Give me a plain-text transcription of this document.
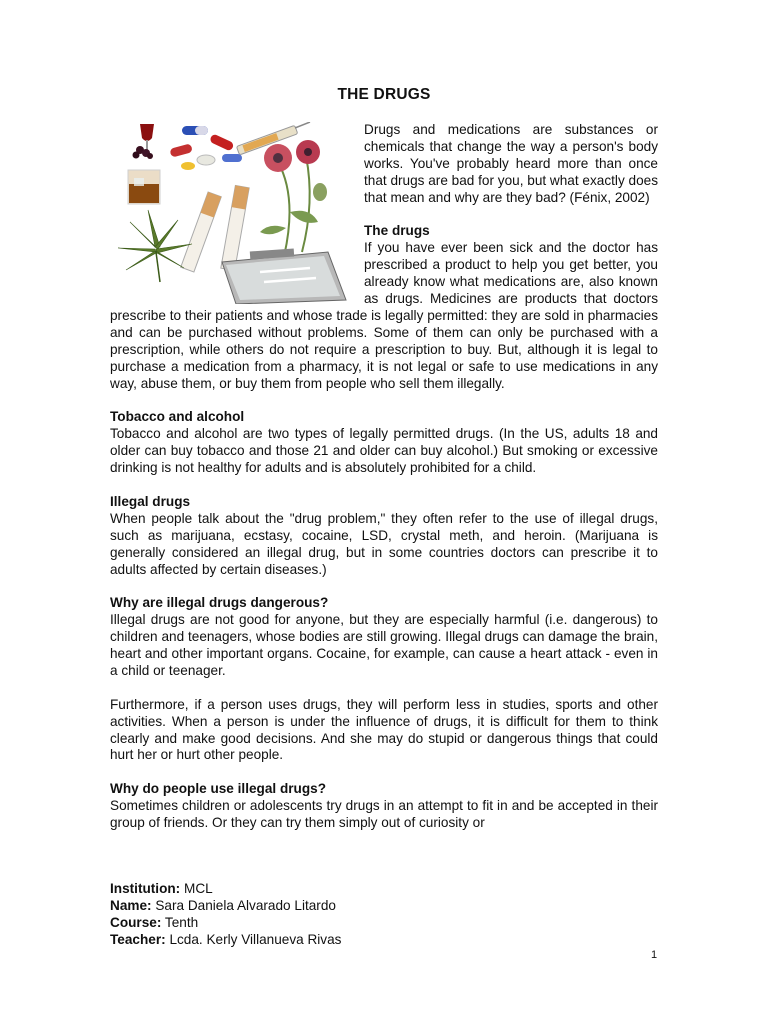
THE DRUGS

Drugs and medications are substances or chemicals that change the way a person's body works. You've probably heard more than once that drugs are bad for you, but what exactly does that mean and why are they bad? (Fénix, 2002)

The drugs

If you have ever been sick and the doctor has prescribed a product to help you get better, you already know what medications are, also known as drugs. Medicines are products that doctors prescribe to their patients and whose trade is legally permitted: they are sold in pharmacies and can be purchased without problems. Some of them can only be purchased with a prescription, while others do not require a prescription to buy. But, although it is legal to purchase a medication from a pharmacy, it is not legal or safe to use medications in any way, abuse them, or buy them from people who sell them illegally.

Tobacco and alcohol

Tobacco and alcohol are two types of legally permitted drugs. (In the US, adults 18 and older can buy tobacco and those 21 and older can buy alcohol.) But smoking or excessive drinking is not healthy for adults and is absolutely prohibited for a child.

Illegal drugs

When people talk about the "drug problem," they often refer to the use of illegal drugs, such as marijuana, ecstasy, cocaine, LSD, crystal meth, and heroin. (Marijuana is generally considered an illegal drug, but in some countries doctors can prescribe it to adults affected by certain diseases.)

Why are illegal drugs dangerous?

Illegal drugs are not good for anyone, but they are especially harmful (i.e. dangerous) to children and teenagers, whose bodies are still growing. Illegal drugs can damage the brain, heart and other important organs. Cocaine, for example, can cause a heart attack - even in a child or teenager.

Furthermore, if a person uses drugs, they will perform less in studies, sports and other activities. When a person is under the influence of drugs, it is difficult for them to think clearly and make good decisions. And she may do stupid or dangerous things that could hurt her or hurt other people.

Why do people use illegal drugs?

Sometimes children or adolescents try drugs in an attempt to fit in and be accepted in their group of friends. Or they can try them simply out of curiosity or

Institution: MCL
Name: Sara Daniela Alvarado Litardo
Course: Tenth
Teacher: Lcda. Kerly Villanueva Rivas
1
